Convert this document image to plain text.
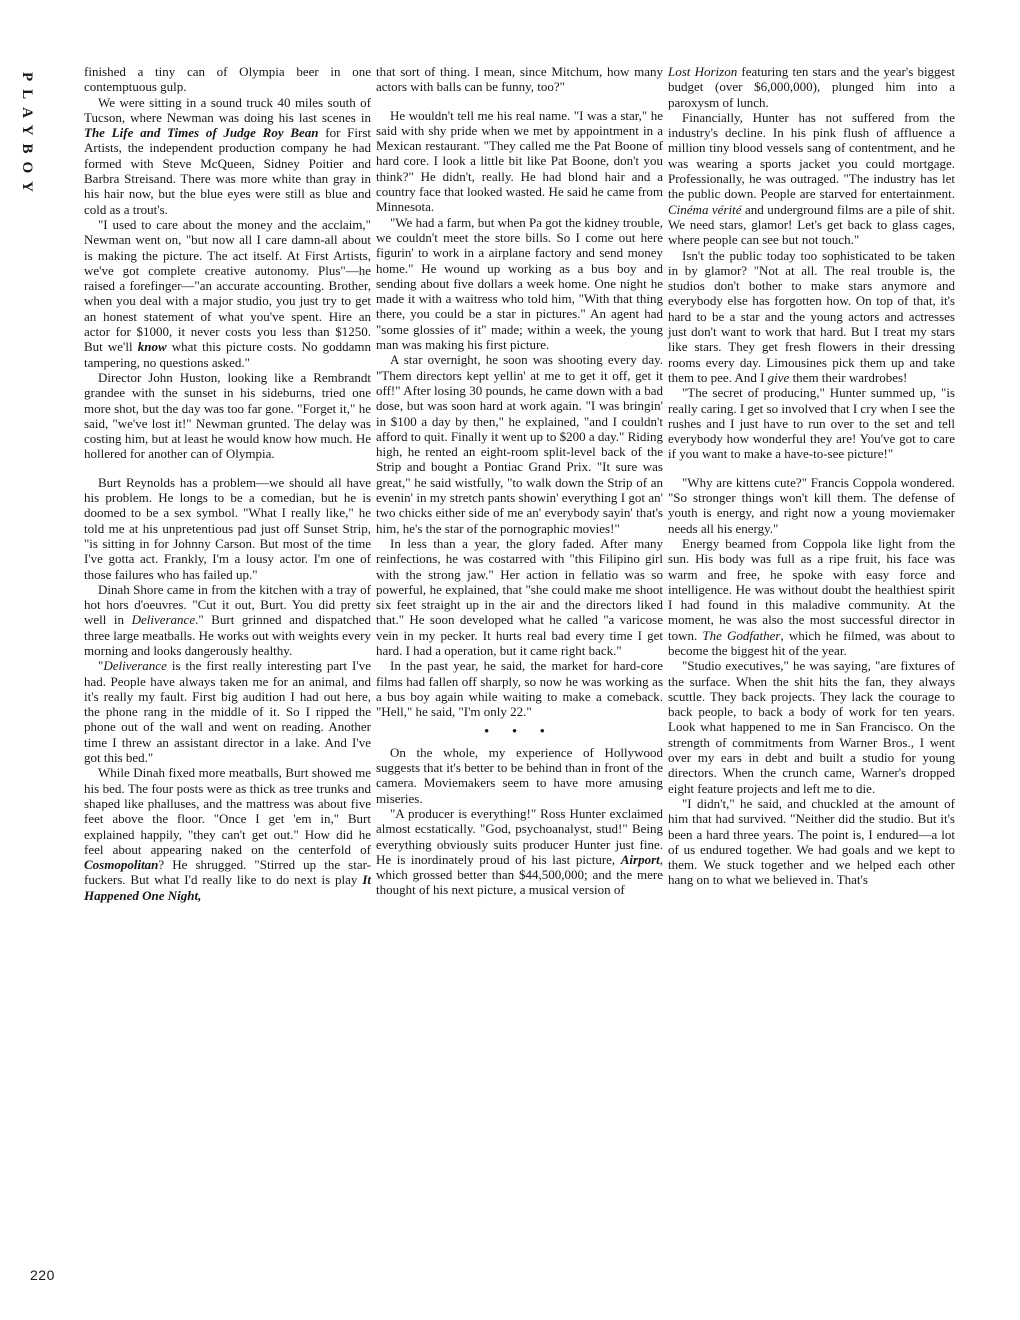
PLAYBOY
220

finished a tiny can of Olympia beer in one contemptuous gulp.

We were sitting in a sound truck 40 miles south of Tucson, where Newman was doing his last scenes in The Life and Times of Judge Roy Bean for First Artists, the independent production company he had formed with Steve McQueen, Sidney Poitier and Barbra Streisand. There was more white than gray in his hair now, but the blue eyes were still as blue and cold as a trout's.

"I used to care about the money and the acclaim," Newman went on, "but now all I care damn-all about is making the picture. The act itself. At First Artists, we've got complete creative autonomy. Plus"—he raised a forefinger—"an accurate accounting. Brother, when you deal with a major studio, you just try to get an honest statement of what you've spent. Hire an actor for $1000, it never costs you less than $1250. But we'll know what this picture costs. No goddamn tampering, no questions asked."

Director John Huston, looking like a Rembrandt grandee with the sunset in his sideburns, tried one more shot, but the day was too far gone. "Forget it," he said, "we've lost it!" Newman grunted. The delay was costing him, but at least he would know how much. He hollered for another can of Olympia.

Burt Reynolds has a problem—we should all have his problem. He longs to be a comedian, but he is doomed to be a sex symbol. "What I really like," he told me at his unpretentious pad just off Sunset Strip, "is sitting in for Johnny Carson. But most of the time I've gotta act. Frankly, I'm a lousy actor. I'm one of those failures who has failed up."

Dinah Shore came in from the kitchen with a tray of hot hors d'oeuvres. "Cut it out, Burt. You did pretty well in Deliverance." Burt grinned and dispatched three large meatballs. He works out with weights every morning and looks dangerously healthy.

"Deliverance is the first really interesting part I've had. People have always taken me for an animal, and it's really my fault. First big audition I had out here, the phone rang in the middle of it. So I ripped the phone out of the wall and went on reading. Another time I threw an assistant director in a lake. And I've got this bed."

While Dinah fixed more meatballs, Burt showed me his bed. The four posts were as thick as tree trunks and shaped like phalluses, and the mattress was about five feet above the floor. "Once I get 'em in," Burt explained happily, "they can't get out." How did he feel about appearing naked on the centerfold of Cosmopolitan? He shrugged. "Stirred up the star-fuckers. But what I'd really like to do next is play It Happened One Night,

that sort of thing. I mean, since Mitchum, how many actors with balls can be funny, too?"

He wouldn't tell me his real name. "I was a star," he said with shy pride when we met by appointment in a Mexican restaurant. "They called me the Pat Boone of hard core. I look a little bit like Pat Boone, don't you think?" He didn't, really. He had blond hair and a country face that looked wasted. He said he came from Minnesota.

"We had a farm, but when Pa got the kidney trouble, we couldn't meet the store bills. So I come out here figurin' to work in a airplane factory and send money home." He wound up working as a bus boy and sending about five dollars a week home. One night he made it with a waitress who told him, "With that thing there, you could be a star in pictures." An agent had "some glossies of it" made; within a week, the young man was making his first picture.

A star overnight, he soon was shooting every day. "Them directors kept yellin' at me to get it off, get it off!" After losing 30 pounds, he came down with a bad dose, but was soon hard at work again. "I was bringin' in $100 a day by then," he explained, "and I couldn't afford to quit. Finally it went up to $200 a day." Riding high, he rented an eight-room split-level back of the Strip and bought a Pontiac Grand Prix. "It sure was great," he said wistfully, "to walk down the Strip of an evenin' in my stretch pants showin' everything I got an' two chicks either side of me an' everybody sayin' that's him, he's the star of the pornographic movies!"

In less than a year, the glory faded. After many reinfections, he was costarred with "this Filipino girl with the strong jaw." Her action in fellatio was so powerful, he explained, that "she could make me shoot six feet straight up in the air and the directors liked that." He soon developed what he called "a varicose vein in my pecker. It hurts real bad every time I get hard. I had a operation, but it came right back."

In the past year, he said, the market for hard-core films had fallen off sharply, so now he was working as a bus boy again while waiting to make a comeback. "Hell," he said, "I'm only 22."

• • •

On the whole, my experience of Hollywood suggests that it's better to be behind than in front of the camera. Moviemakers seem to have more amusing miseries.

"A producer is everything!" Ross Hunter exclaimed almost ecstatically. "God, psychoanalyst, stud!" Being everything obviously suits producer Hunter just fine. He is inordinately proud of his last picture, Airport, which grossed better than $44,500,000; and the mere thought of his next picture, a musical version of

Lost Horizon featuring ten stars and the year's biggest budget (over $6,000,000), plunged him into a paroxysm of lunch.

Financially, Hunter has not suffered from the industry's decline. In his pink flush of affluence a million tiny blood vessels sang of contentment, and he was wearing a sports jacket you could mortgage. Professionally, he was outraged. "The industry has let the public down. People are starved for entertainment. Cinéma vérité and underground films are a pile of shit. We need stars, glamor! Let's get back to glass cages, where people can see but not touch."

Isn't the public today too sophisticated to be taken in by glamor? "Not at all. The real trouble is, the studios don't bother to make stars anymore and everybody else has forgotten how. On top of that, it's hard to be a star and the young actors and actresses just don't want to work that hard. But I treat my stars like stars. They get fresh flowers in their dressing rooms every day. Limousines pick them up and take them to pee. And I give them their wardrobes!

"The secret of producing," Hunter summed up, "is really caring. I get so involved that I cry when I see the rushes and I just have to run over to the set and tell everybody how wonderful they are! You've got to care if you want to make a have-to-see picture!"

"Why are kittens cute?" Francis Coppola wondered. "So stronger things won't kill them. The defense of youth is energy, and right now a young moviemaker needs all his energy."

Energy beamed from Coppola like light from the sun. His body was full as a ripe fruit, his face was warm and free, he spoke with easy force and intelligence. He was without doubt the healthiest spirit I had found in this maladive community. At the moment, he was also the most successful director in town. The Godfather, which he filmed, was about to become the biggest hit of the year.

"Studio executives," he was saying, "are fixtures of the surface. When the shit hits the fan, they always scuttle. They back projects. They lack the courage to back people, to back a body of work for ten years. Look what happened to me in San Francisco. On the strength of commitments from Warner Bros., I went over my ears in debt and built a studio for young directors. When the crunch came, Warner's dropped eight feature projects and left me to die.

"I didn't," he said, and chuckled at the amount of him that had survived. "Neither did the studio. But it's been a hard three years. The point is, I endured—a lot of us endured together. We had goals and we kept to them. We stuck together and we helped each other hang on to what we believed in. That's
